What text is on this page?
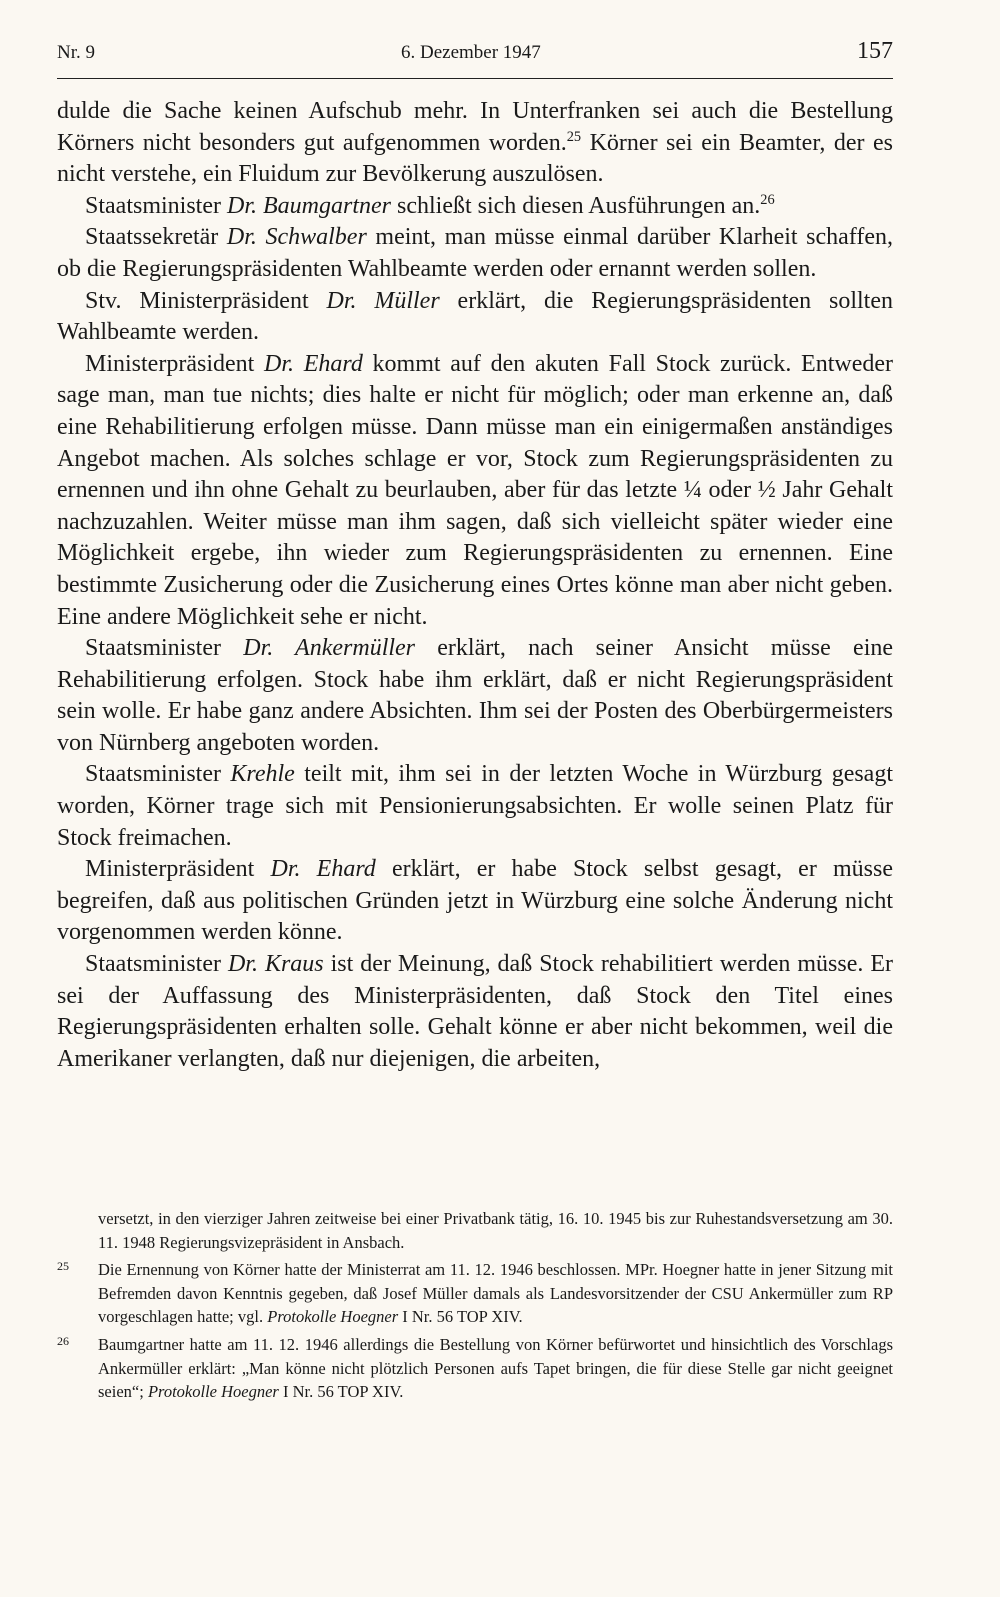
Nr. 9	6. Dezember 1947	157

dulde die Sache keinen Aufschub mehr. In Unterfranken sei auch die Bestellung Körners nicht besonders gut aufgenommen worden.$^{25}$ Körner sei ein Beamter, der es nicht verstehe, ein Fluidum zur Bevölkerung auszulösen.

Staatsminister Dr. Baumgartner schließt sich diesen Ausführungen an.$^{26}$

Staatssekretär Dr. Schwalber meint, man müsse einmal darüber Klarheit schaffen, ob die Regierungspräsidenten Wahlbeamte werden oder ernannt werden sollen.

Stv. Ministerpräsident Dr. Müller erklärt, die Regierungspräsidenten sollten Wahlbeamte werden.

Ministerpräsident Dr. Ehard kommt auf den akuten Fall Stock zurück. Entweder sage man, man tue nichts; dies halte er nicht für möglich; oder man erkenne an, daß eine Rehabilitierung erfolgen müsse. Dann müsse man ein einigermaßen anständiges Angebot machen. Als solches schlage er vor, Stock zum Regierungspräsidenten zu ernennen und ihn ohne Gehalt zu beurlauben, aber für das letzte ¼ oder ½ Jahr Gehalt nachzuzahlen. Weiter müsse man ihm sagen, daß sich vielleicht später wieder eine Möglichkeit ergebe, ihn wieder zum Regierungspräsidenten zu ernennen. Eine bestimmte Zusicherung oder die Zusicherung eines Ortes könne man aber nicht geben. Eine andere Möglichkeit sehe er nicht.

Staatsminister Dr. Ankermüller erklärt, nach seiner Ansicht müsse eine Rehabilitierung erfolgen. Stock habe ihm erklärt, daß er nicht Regierungspräsident sein wolle. Er habe ganz andere Absichten. Ihm sei der Posten des Oberbürgermeisters von Nürnberg angeboten worden.

Staatsminister Krehle teilt mit, ihm sei in der letzten Woche in Würzburg gesagt worden, Körner trage sich mit Pensionierungsabsichten. Er wolle seinen Platz für Stock freimachen.

Ministerpräsident Dr. Ehard erklärt, er habe Stock selbst gesagt, er müsse begreifen, daß aus politischen Gründen jetzt in Würzburg eine solche Änderung nicht vorgenommen werden könne.

Staatsminister Dr. Kraus ist der Meinung, daß Stock rehabilitiert werden müsse. Er sei der Auffassung des Ministerpräsidenten, daß Stock den Titel eines Regierungspräsidenten erhalten solle. Gehalt könne er aber nicht bekommen, weil die Amerikaner verlangten, daß nur diejenigen, die arbeiten,

versetzt, in den vierziger Jahren zeitweise bei einer Privatbank tätig, 16. 10. 1945 bis zur Ruhestandsversetzung am 30. 11. 1948 Regierungsvizepräsident in Ansbach.
25 Die Ernennung von Körner hatte der Ministerrat am 11. 12. 1946 beschlossen. MPr. Hoegner hatte in jener Sitzung mit Befremden davon Kenntnis gegeben, daß Josef Müller damals als Landesvorsitzender der CSU Ankermüller zum RP vorgeschlagen hatte; vgl. Protokolle Hoegner I Nr. 56 TOP XIV.
26 Baumgartner hatte am 11. 12. 1946 allerdings die Bestellung von Körner befürwortet und hinsichtlich des Vorschlags Ankermüller erklärt: „Man könne nicht plötzlich Personen aufs Tapet bringen, die für diese Stelle gar nicht geeignet seien“; Protokolle Hoegner I Nr. 56 TOP XIV.
